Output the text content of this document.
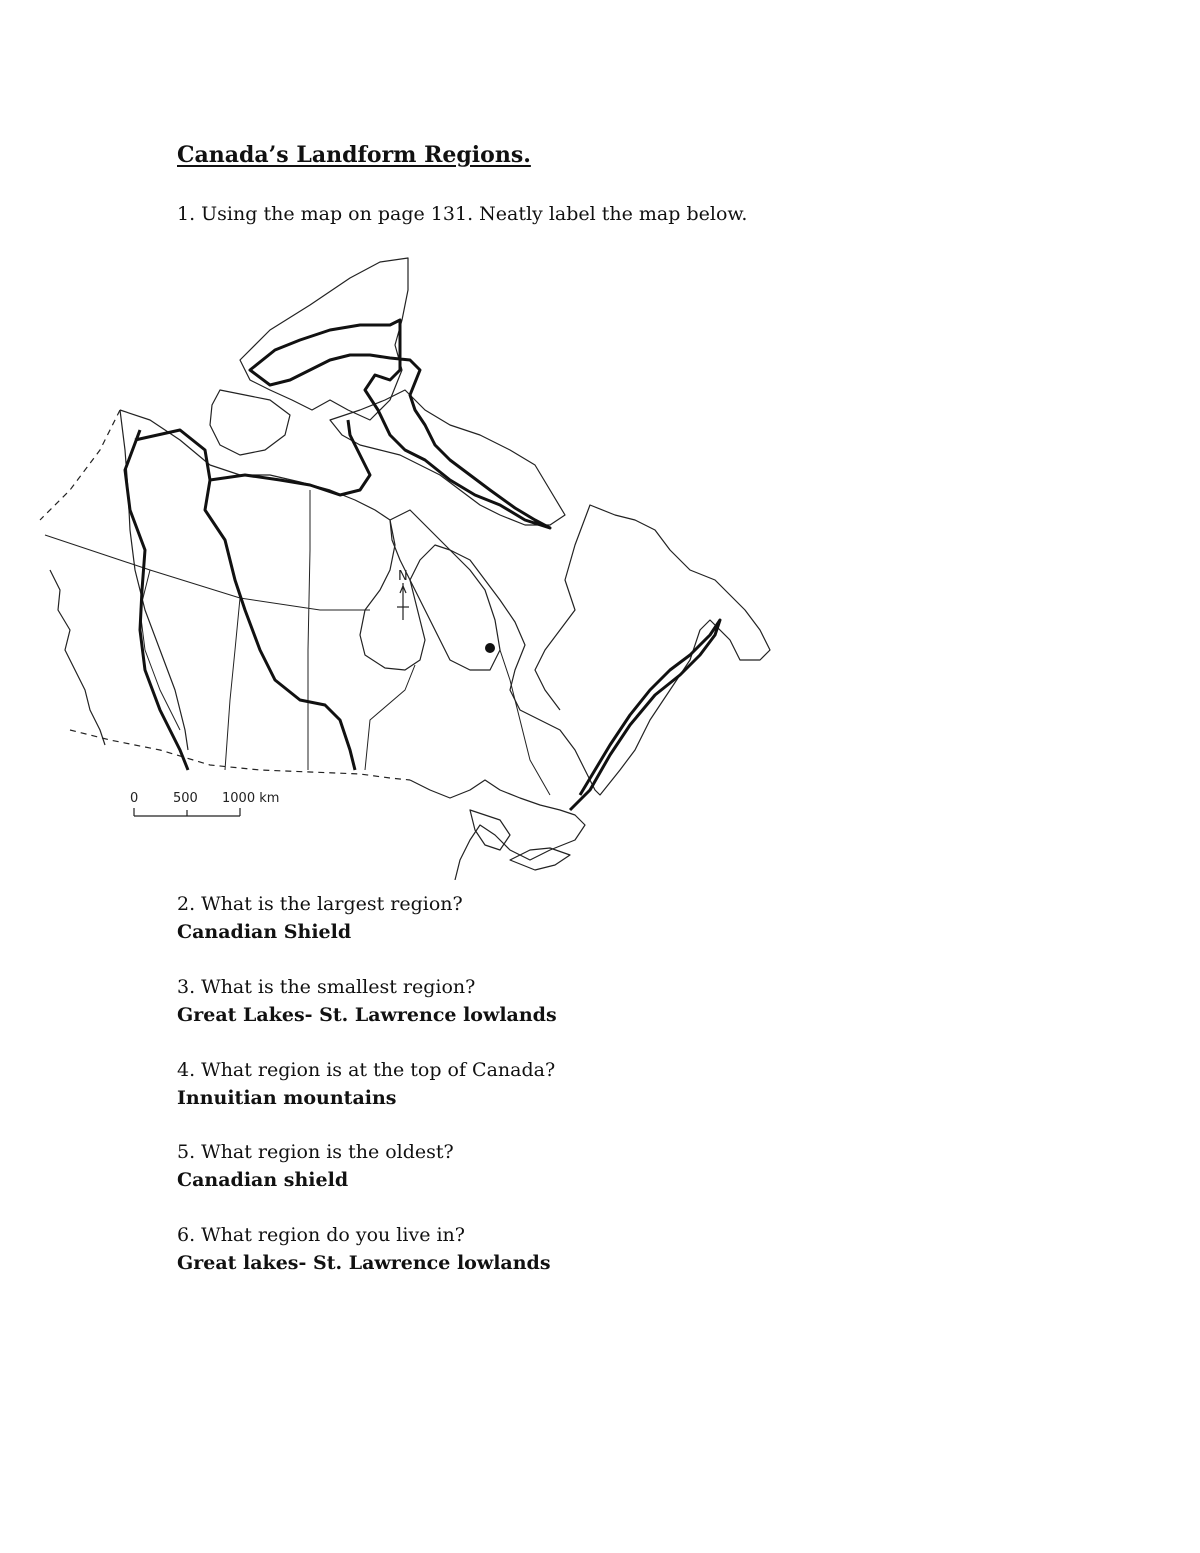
Canada’s Landform Regions.

1. Using the map on page 131. Neatly label the map below.

N
0	500 1000 km
2. What is the largest region?
Canadian Shield
3. What is the smallest region?
Great Lakes- St. Lawrence lowlands
4. What region is at the top of Canada?
Innuitian mountains
5. What region is the oldest?
Canadian shield
6. What region do you live in?
Great lakes- St. Lawrence lowlands
